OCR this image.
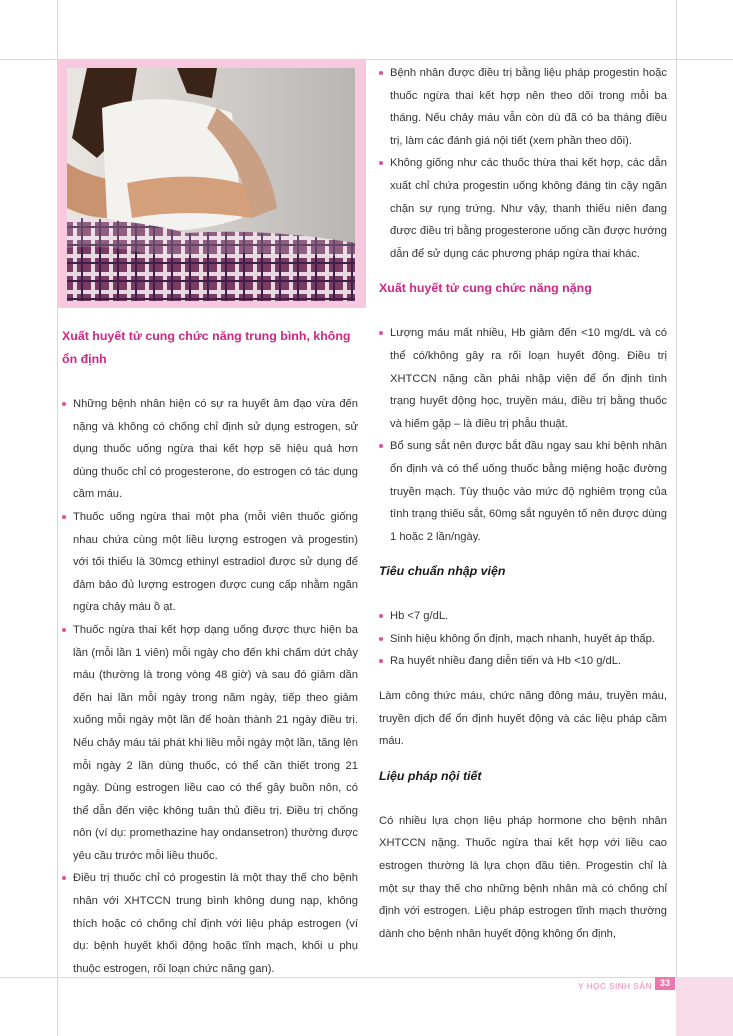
Xuất huyết tử cung chức năng trung bình, không ổn định
Những bệnh nhân hiện có sự ra huyết âm đạo vừa đến nặng và không có chống chỉ định sử dụng estrogen, sử dụng thuốc uống ngừa thai kết hợp sẽ hiệu quả hơn dùng thuốc chỉ có progesterone, do estrogen có tác dụng cầm máu.
Thuốc uống ngừa thai một pha (mỗi viên thuốc giống nhau chứa cùng một liều lượng estrogen và progestin) với tối thiểu là 30mcg ethinyl estradiol được sử dụng để đảm bảo đủ lượng estrogen được cung cấp nhằm ngăn ngừa chảy máu ồ ạt.
Thuốc ngừa thai kết hợp dạng uống được thực hiện ba lần (mỗi lần 1 viên) mỗi ngày cho đến khi chấm dứt chảy máu (thường là trong vòng 48 giờ) và sau đó giảm dần đến hai lần mỗi ngày trong năm ngày, tiếp theo giảm xuống mỗi ngày một lần để hoàn thành 21 ngày điều trị. Nếu chảy máu tái phát khi liều mỗi ngày một lần, tăng lên mỗi ngày 2 lần dùng thuốc, có thể cần thiết trong 21 ngày. Dùng estrogen liều cao có thể gây buồn nôn, có thể dẫn đến việc không tuân thủ điều trị. Điều trị chống nôn (ví dụ: promethazine hay ondansetron) thường được yêu cầu trước mỗi liều thuốc.
Điều trị thuốc chỉ có progestin là một thay thế cho bệnh nhân với XHTCCN trung bình không dung nạp, không thích hoặc có chống chỉ định với liệu pháp estrogen (ví dụ: bệnh huyết khối động hoặc tĩnh mạch, khối u phụ thuộc estrogen, rối loạn chức năng gan).
Bệnh nhân được điều trị bằng liệu pháp progestin hoặc thuốc ngừa thai kết hợp nên theo dõi trong mỗi ba tháng. Nếu chảy máu vẫn còn dù đã có ba tháng điều trị, làm các đánh giá nội tiết (xem phần theo dõi).
Không giống như các thuốc thừa thai kết hợp, các dẫn xuất chỉ chứa progestin uống không đáng tin cậy ngăn chặn sự rụng trứng. Như vậy, thanh thiếu niên đang được điều trị bằng progesterone uống cần được hướng dẫn để sử dụng các phương pháp ngừa thai khác.
Xuất huyết tử cung chức năng nặng
Lượng máu mất nhiều, Hb giảm đến <10 mg/dL và có thể có/không gây ra rối loạn huyết động. Điều trị XHTCCN nặng cần phải nhập viện để ổn định tình trạng huyết động học, truyền máu, điều trị bằng thuốc và hiếm gặp – là điều trị phẫu thuật.
Bổ sung sắt nên được bắt đầu ngay sau khi bệnh nhân ổn định và có thể uống thuốc bằng miệng hoặc đường truyền mạch. Tùy thuộc vào mức độ nghiêm trọng của tình trạng thiếu sắt, 60mg sắt nguyên tố nên được dùng 1 hoặc 2 lần/ngày.
Tiêu chuẩn nhập viện
Hb <7 g/dL.
Sinh hiệu không ổn định, mạch nhanh, huyết áp thấp.
Ra huyết nhiều đang diễn tiến và Hb <10 g/dL.

Làm công thức máu, chức năng đông máu, truyền máu, truyền dịch để ổn định huyết động và các liệu pháp cầm máu.

Liệu pháp nội tiết

Có nhiều lựa chọn liệu pháp hormone cho bệnh nhân XHTCCN nặng. Thuốc ngừa thai kết hợp với liều cao estrogen thường là lựa chọn đầu tiên. Progestin chỉ là một sự thay thế cho những bệnh nhân mà có chống chỉ định với estrogen. Liệu pháp estrogen tĩnh mạch thường dành cho bệnh nhân huyết động không ổn định,

Y HỌC SINH SẢN 33
